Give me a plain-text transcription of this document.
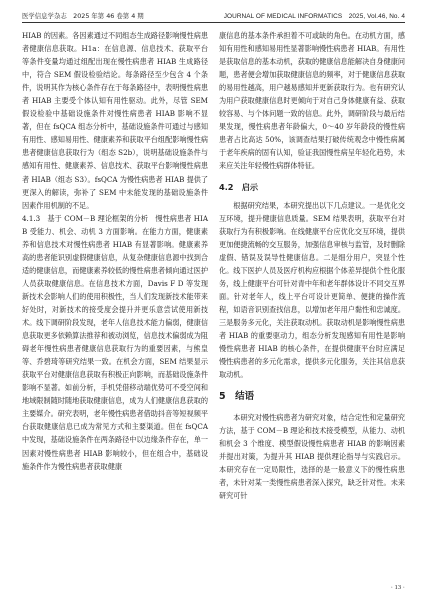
医学信息学杂志　2025 年第 46 卷第 4 期	JOURNAL OF MEDICAL INFORMATICS　2025, Vol.46, No. 4

HIAB 的因素。各因素通过不同组态生成路径影响慢性病患者健康信息获取。H1a：在信息源、信息技术、获取平台等条件变量均通过组配出现在慢性病患者 HIAB 生成路径中，符合 SEM 假设检验结论。每条路径至少包含 4 个条件，说明其作为核心条件存在于每条路径中，表明慢性病患者 HIAB 主要受个体认知有用性驱动。此外，尽管 SEM 假设检验中基础设施条件对慢性病患者 HIAB 影响不显著，但在 fsQCA 组态分析中，基础设施条件可通过与感知有用性、感知易用性、健康素养和获取平台组配影响慢性病患者健康信息获取行为（组态 S2b），说明基础设施条件与感知有用性、健康素养、信息技术、获取平台影响慢性病患者 HIAB（组态 S3）。fsQCA 为慢性病患者 HIAB 提供了更深入的解读，弥补了 SEM 中未能发现的基础设施条件因素作用机制的不足。

4.1.3　基于 COM－B 理论框架的分析　慢性病患者 HIAB 受能力、机会、动机 3 方面影响。在能力方面，健康素养和信息技术对慢性病患者 HIAB 有显著影响。健康素养高的患者能识别虚假健康信息，从复杂健康信息源中找到合适的健康信息，而健康素养较低的慢性病患者倾向通过医护人员获取健康信息。在信息技术方面，Davis F D 等发现新技术会影响人们的使用积极性，当人们发现新技术能带来好处时，对新技术的接受度会提升并更乐意尝试使用新技术。线下调研阶段发现，老年人信息技术能力偏弱，健康信息获取更多依赖算法推荐和被动浏览，信息技术偏弱成为阻碍老年慢性病患者健康信息获取行为的重要因素，与熊皇等、乔碧琦等研究结果一致。在机会方面，SEM 结果显示获取平台对健康信息获取有积极正向影响，而基础设施条件影响不显著。如前分析，手机凭借移动端优势可不受空间和地域限制随时随地获取健康信息，成为人们健康信息获取的主要媒介。研究表明，老年慢性病患者借助抖音等短视频平台获取健康信息已成为常见方式和主要渠道。但在 fsQCA 中发现，基础设施条件在两条路径中以边缘条件存在，单一因素对慢性病患者 HIAB 影响较小，但在组合中，基础设施条件作为慢性病患者获取健康

康信息的基本条件承担着不可或缺的角色。在动机方面，感知有用性和感知易用性显著影响慢性病患者 HIAB。有用性是获取信息的基本动机，获取的健康信息能解决自身健康问题，患者便会增加获取健康信息的频率，对于健康信息获取的易用性越高，用户越易感知并更新获取行为。也有研究认为用户获取健康信息时更倾向于对自己身体健康有益、获取较容易、与个体问题一致的信息。此外，调研阶段与最后结果发现，慢性病患者年龄偏大，0～40 岁年龄段的慢性病患者占比高达 50%，该调查结果打破传统观念中慢性病属于老年疾病的固有认知，验证我国慢性病呈年轻化趋势，未来应关注年轻慢性病群体特征。

4.2　启示

根据研究结果，本研究提出以下几点建议。一是优化交互环境，提升健康信息质量。SEM 结果表明，获取平台对获取行为有积极影响。在线健康平台应优化交互环境，提供更加便捷流畅的交互服务，加强信息审核与监管，及时删除虚假、错误及误导性健康信息。二是细分用户，突显个性化。线下医护人员及医疗机构应根据个体差异提供个性化服务，线上健康平台可针对青中年和老年群体设计不同交互界面。针对老年人，线上平台可设计更简单、便捷的操作流程，如语音识别查找信息，以增加老年用户黏性和忠诚度。三是服务多元化，关注获取动机。获取动机是影响慢性病患者 HIAB 的重要驱动力，组态分析发现感知有用性是影响慢性病患者 HIAB 的核心条件，在提供健康平台时应满足慢性病患者的多元化需求，提供多元化服务，关注其信息获取动机。

5　结语

本研究对慢性病患者为研究对象，结合定性和定量研究方法，基于 COM－B 理论和技术接受模型，从能力、动机和机会 3 个维度、模型假设慢性病患者 HIAB 的影响因素并提出对策，为提升其 HIAB 提供理论指导与实践启示。本研究存在一定局限性，选择的是一般意义下的慢性病患者，未针对某一类慢性病患者深入探究，缺乏针对性。未来研究可针

· 13 ·
